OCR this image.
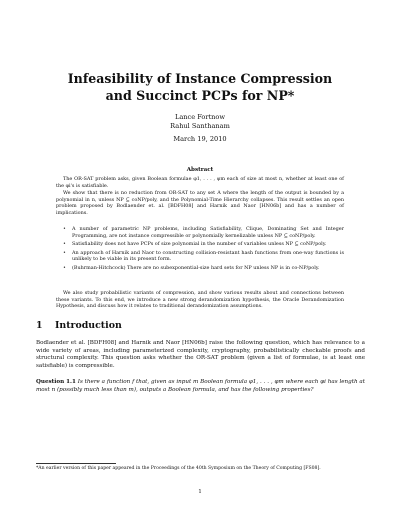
Infeasibility of Instance Compression
and Succinct PCPs for NP*
Lance Fortnow
Rahul Santhanam
March 19, 2010
Abstract

The OR-SAT problem asks, given Boolean formulae φ1, . . . , φm each of size at most n, whether at least one of the φi's is satisfiable.

We show that there is no reduction from OR-SAT to any set A where the length of the output is bounded by a polynomial in n, unless NP ⊆ coNP/poly, and the Polynomial-Time Hierarchy collapses. This result settles an open problem proposed by Bodlaender et. al. [BDFH08] and Harnik and Naor [HN06b] and has a number of implications.

• A number of parametric NP problems, including Satisfiability, Clique, Dominating Set and Integer Programming, are not instance compressible or polynomially kernelizable unless NP ⊆ coNP/poly.
• Satisfiability does not have PCPs of size polynomial in the number of variables unless NP ⊆ coNP/poly.
• An approach of Harnik and Naor to constructing collision-resistant hash functions from one-way functions is unlikely to be viable in its present form.
• (Buhrman-Hitchcock) There are no subexponential-size hard sets for NP unless NP is in co-NP/poly.

We also study probabilistic variants of compression, and show various results about and connections between these variants. To this end, we introduce a new strong derandomization hypothesis, the Oracle Derandomization Hypothesis, and discuss how it relates to traditional derandomization assumptions.

1 Introduction

Bodlaender et al. [BDFH08] and Harnik and Naor [HN06b] raise the following question, which has relevance to a wide variety of areas, including parameterized complexity, cryptography, probabilistically checkable proofs and structural complexity. This question asks whether the OR-SAT problem (given a list of formulae, is at least one satisfiable) is compressible.

Question 1.1 Is there a function f that, given as input m Boolean formula φ1, . . . , φm where each φi has length at most n (possibly much less than m), outputs a Boolean formula, and has the following properties?

*An earlier version of this paper appeared in the Proceedings of the 40th Symposium on the Theory of Computing [FS08].

1
